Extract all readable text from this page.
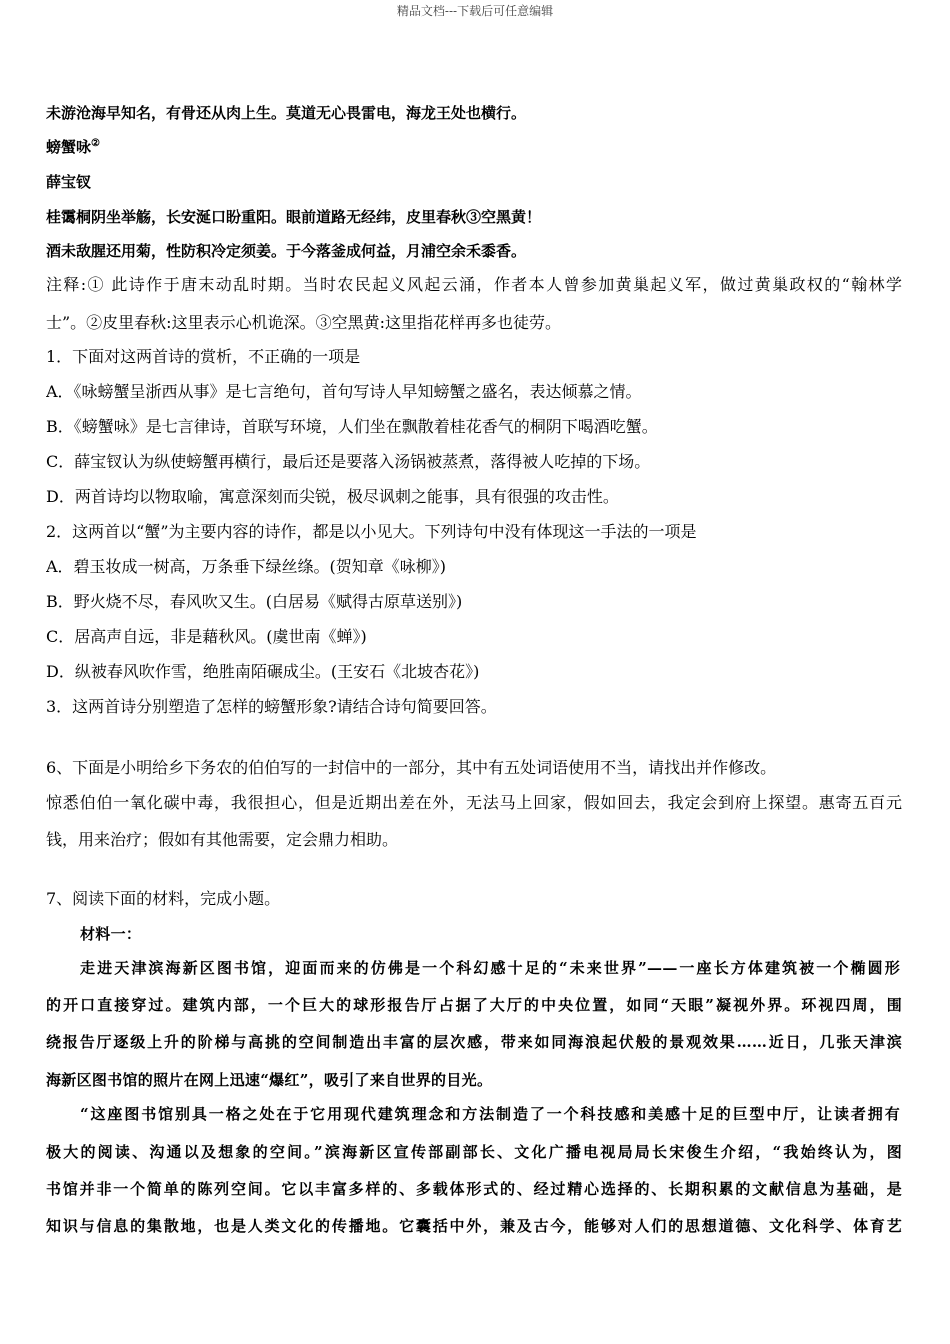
精品文档---下载后可任意编辑
未游沧海早知名，有骨还从肉上生。莫道无心畏雷电，海龙王处也横行。
螃蟹咏②
薛宝钗
桂霭桐阴坐举觞，长安涎口盼重阳。眼前道路无经纬，皮里春秋③空黑黄！
酒未敌腥还用菊，性防积冷定须姜。于今落釜成何益，月浦空余禾黍香。
注释:① 此诗作于唐末动乱时期。当时农民起义风起云涌，作者本人曾参加黄巢起义军，做过黄巢政权的“翰林学
士”。②皮里春秋:这里表示心机诡深。③空黑黄:这里指花样再多也徒劳。
1．下面对这两首诗的赏析，不正确的一项是
A．《咏螃蟹呈浙西从事》是七言绝句，首句写诗人早知螃蟹之盛名，表达倾慕之情。
B．《螃蟹咏》是七言律诗，首联写环境，人们坐在飘散着桂花香气的桐阴下喝酒吃蟹。
C．薛宝钗认为纵使螃蟹再横行，最后还是要落入汤锅被蒸煮，落得被人吃掉的下场。
D．两首诗均以物取喻，寓意深刻而尖锐，极尽讽刺之能事，具有很强的攻击性。
2．这两首以“蟹”为主要内容的诗作，都是以小见大。下列诗句中没有体现这一手法的一项是
A．碧玉妆成一树高，万条垂下绿丝绦。(贺知章《咏柳》)
B．野火烧不尽，春风吹又生。(白居易《赋得古原草送别》)
C．居高声自远，非是藉秋风。(虞世南《蝉》)
D．纵被春风吹作雪，绝胜南陌碾成尘。(王安石《北坡杏花》)
3．这两首诗分别塑造了怎样的螃蟹形象?请结合诗句简要回答。
6、下面是小明给乡下务农的伯伯写的一封信中的一部分，其中有五处词语使用不当，请找出并作修改。
惊悉伯伯一氧化碳中毒，我很担心，但是近期出差在外，无法马上回家，假如回去，我定会到府上探望。惠寄五百元
钱，用来治疗；假如有其他需要，定会鼎力相助。
7、阅读下面的材料，完成小题。
材料一：
走进天津滨海新区图书馆，迎面而来的仿佛是一个科幻感十足的“未来世界”——一座长方体建筑被一个椭圆形
的开口直接穿过。建筑内部，一个巨大的球形报告厅占据了大厅的中央位置，如同“天眼”凝视外界。环视四周，围
绕报告厅逐级上升的阶梯与高挑的空间制造出丰富的层次感，带来如同海浪起伏般的景观效果……近日，几张天津滨
海新区图书馆的照片在网上迅速“爆红”，吸引了来自世界的目光。
“这座图书馆别具一格之处在于它用现代建筑理念和方法制造了一个科技感和美感十足的巨型中厅，让读者拥有
极大的阅读、沟通以及想象的空间。”滨海新区宣传部副部长、文化广播电视局局长宋俊生介绍，“我始终认为，图
书馆并非一个简单的陈列空间。它以丰富多样的、多载体形式的、经过精心选择的、长期积累的文献信息为基础，是
知识与信息的集散地，也是人类文化的传播地。它囊括中外，兼及古今，能够对人们的思想道德、文化科学、体育艺
